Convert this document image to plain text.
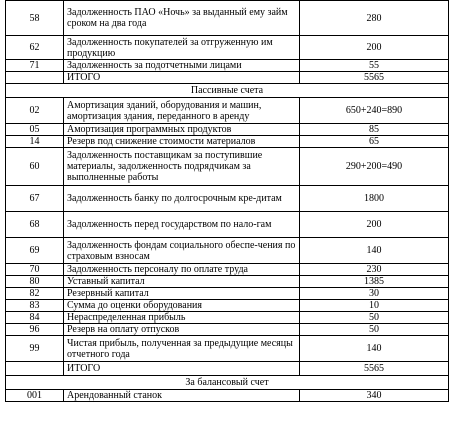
58	Задолженность ПАО «Ночь» за выданный ему займ сроком на два года	280
62	Задолженность покупателей за отгруженную им продукцию	200
71	Задолженность за подотчетными лицами	55
	ИТОГО	5565
Пассивные счета		
02	Амортизация зданий, оборудования и машин, амортизация здания, переданного в аренду	650+240=890
05	Амортизация программных продуктов	85
14	Резерв под снижение стоимости материалов	65
60	Задолженность поставщикам за поступившие материалы, задолженность подрядчикам за выполненные работы	290+200=490
67	Задолженность банку по долгосрочным кре-дитам	1800
68	Задолженность перед государством по нало-гам	200
69	Задолженность фондам социального обеспе-чения по страховым взносам	140
70	Задолженность персоналу по оплате труда	230
80	Уставный капитал	1385
82	Резервный капитал	30
83	Сумма до оценки оборудования	10
84	Нераспределенная прибыль	50
96	Резерв на оплату отпусков	50
99	Чистая прибыль, полученная за предыдущие месяцы отчетного года	140
	ИТОГО	5565
За балансовый счет		
001	Арендованный станок	340
